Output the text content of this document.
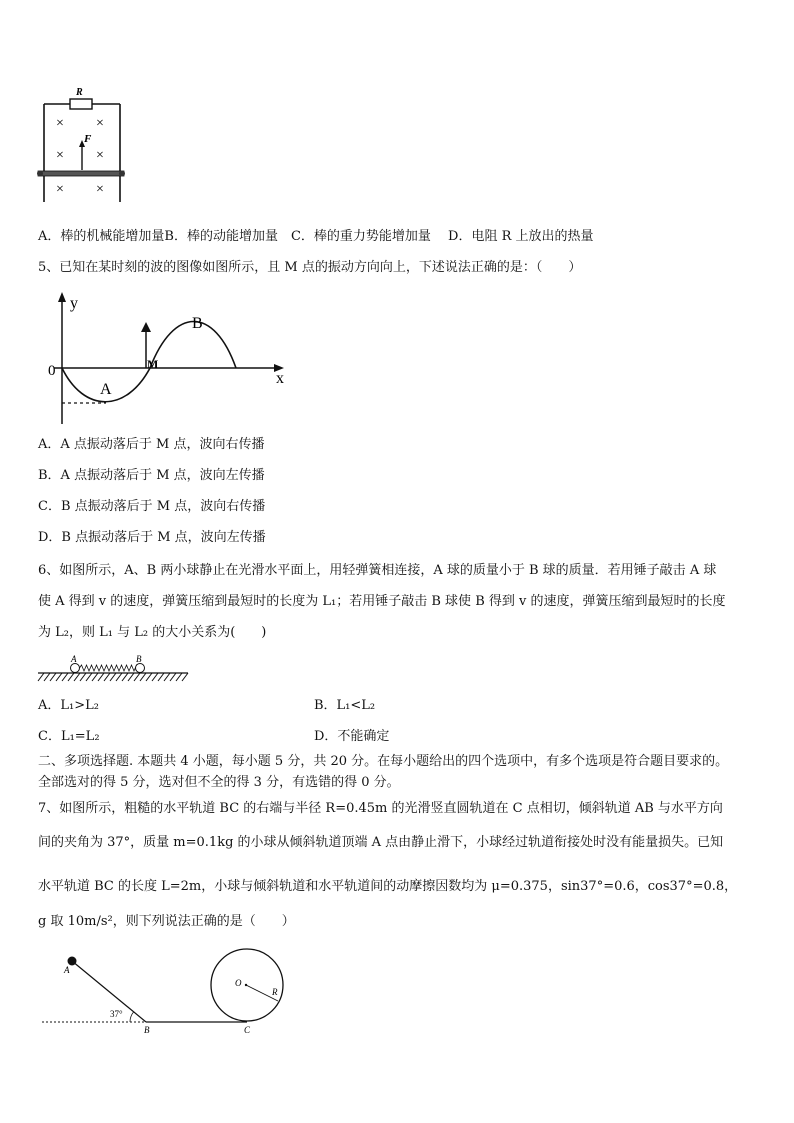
R
× ×
× ×
× ×
F
A．棒的机械能增加量B．棒的动能增加量　C．棒的重力势能增加量　 D．电阻 R 上放出的热量
5、已知在某时刻的波的图像如图所示，且 M 点的振动方向向上，下述说法正确的是：（　　）
y
x
0
A
B
M
A．A 点振动落后于 M 点，波向右传播
B．A 点振动落后于 M 点，波向左传播
C．B 点振动落后于 M 点，波向右传播
D．B 点振动落后于 M 点，波向左传播
6、如图所示，A、B 两小球静止在光滑水平面上，用轻弹簧相连接，A 球的质量小于 B 球的质量．若用锤子敲击 A 球
使 A 得到 v 的速度，弹簧压缩到最短时的长度为 L₁；若用锤子敲击 B 球使 B 得到 v 的速度，弹簧压缩到最短时的长度
为 L₂，则 L₁ 与 L₂ 的大小关系为(　　)
A	B
A．L₁>L₂	B．L₁<L₂
C．L₁=L₂	D．不能确定
二、多项选择题. 本题共 4 小题，每小题 5 分，共 20 分。在每小题给出的四个选项中，有多个选项是符合题目要求的。
全部选对的得 5 分，选对但不全的得 3 分，有选错的得 0 分。
7、如图所示，粗糙的水平轨道 BC 的右端与半径 R=0.45m 的光滑竖直圆轨道在 C 点相切，倾斜轨道 AB 与水平方向
间的夹角为 37°，质量 m=0.1kg 的小球从倾斜轨道顶端 A 点由静止滑下，小球经过轨道衔接处时没有能量损失。已知
水平轨道 BC 的长度 L=2m，小球与倾斜轨道和水平轨道间的动摩擦因数均为 μ=0.375，sin37°=0.6，cos37°=0.8，
g 取 10m/s²，则下列说法正确的是（　　）
A
37°
B
O
R
C
